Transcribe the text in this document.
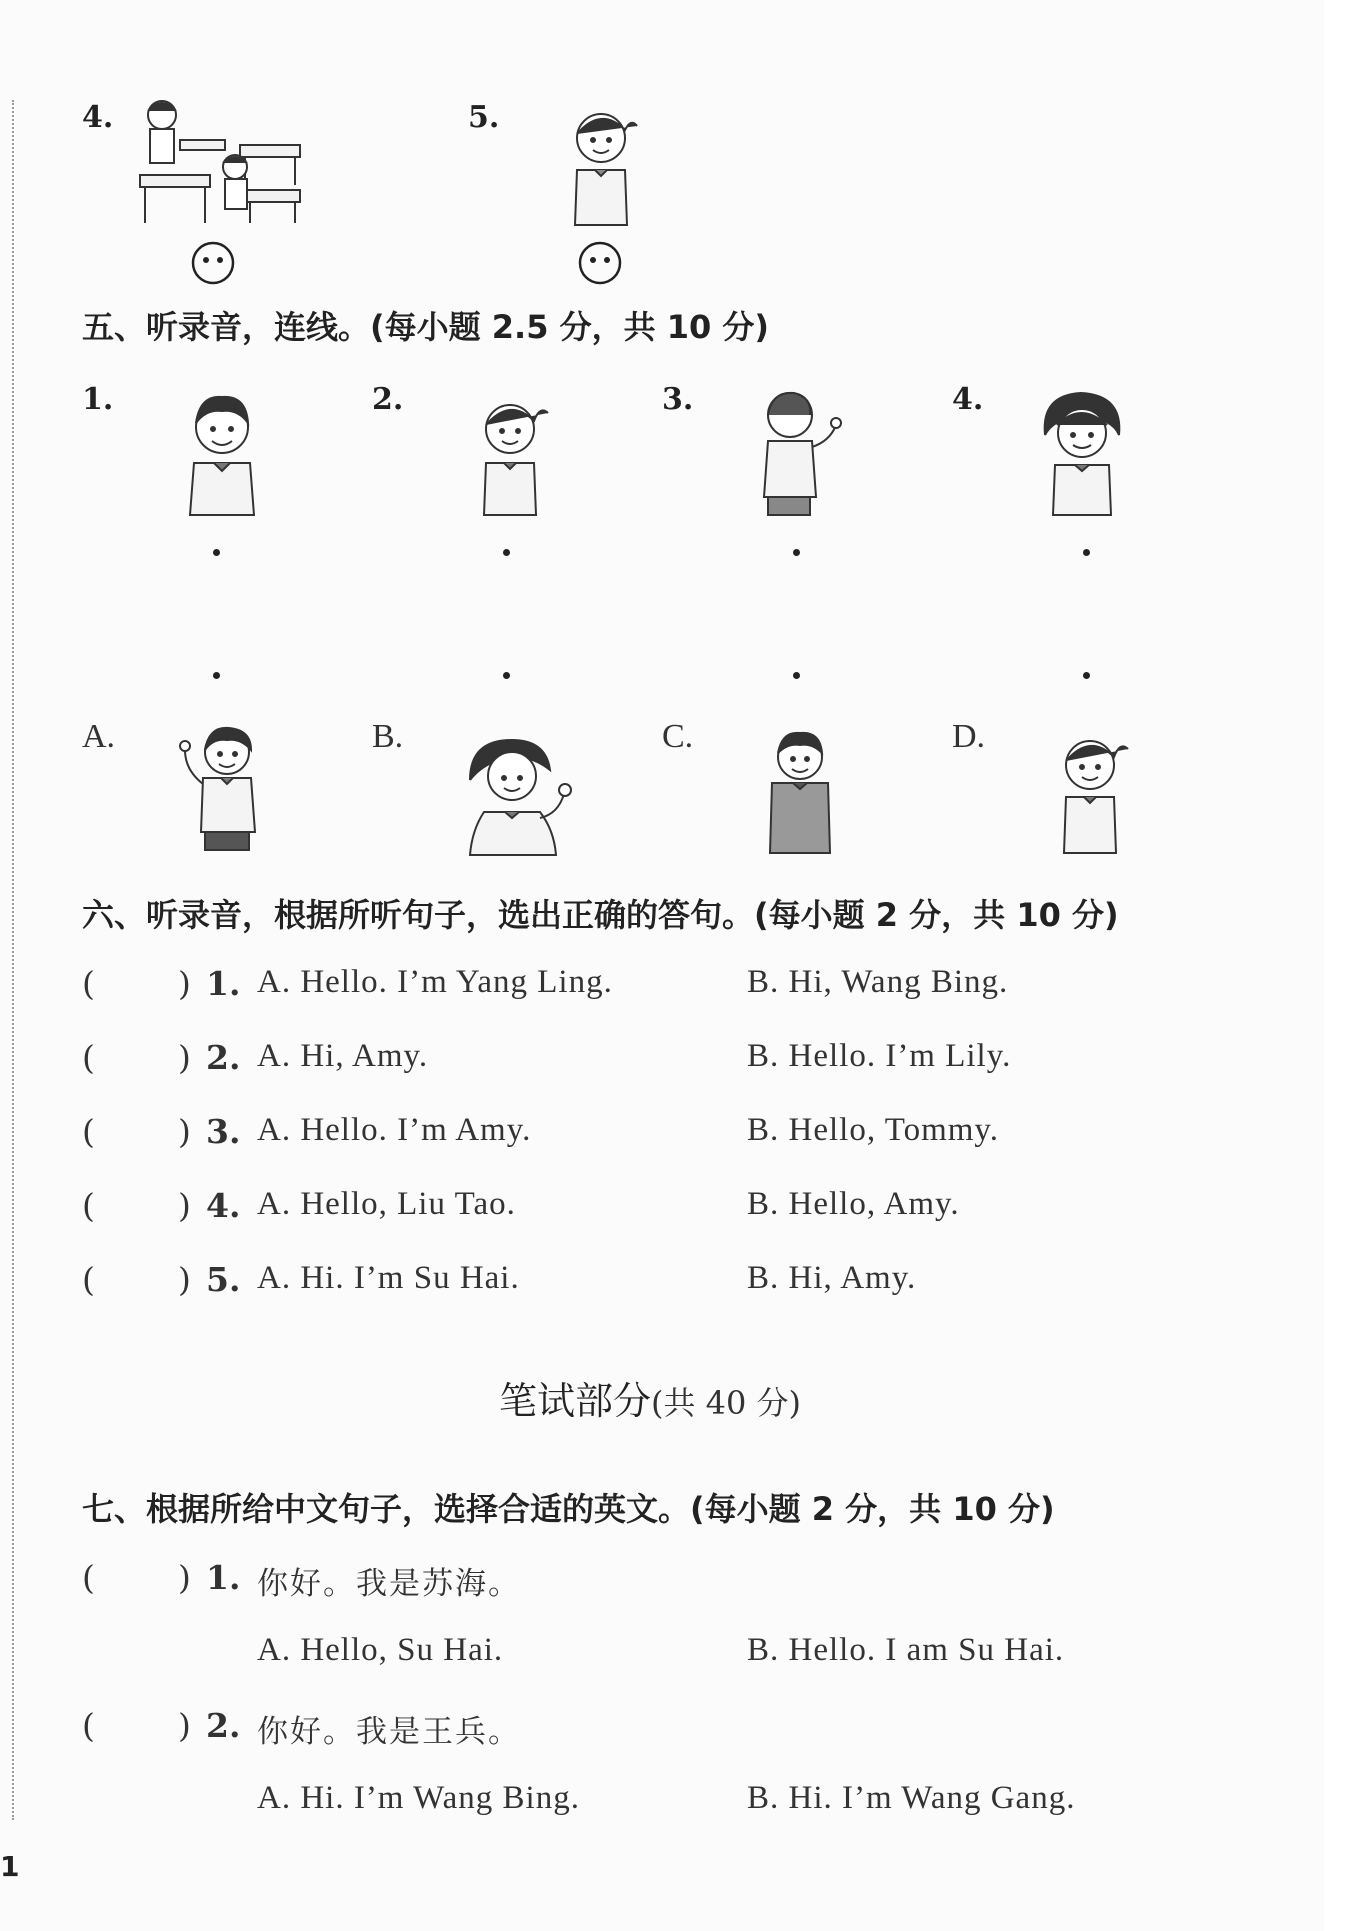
4.	5.
五、听录音，连线。(每小题 2.5 分，共 10 分)
1.	2.	3.	4.
A.	B.	C.	D.
六、听录音，根据所听句子，选出正确的答句。(每小题 2 分，共 10 分)
(	) 1. A. Hello. I’m Yang Ling.	B. Hi, Wang Bing.
(	) 2. A. Hi, Amy.	B. Hello. I’m Lily.
(	) 3. A. Hello. I’m Amy.	B. Hello, Tommy.
(	) 4. A. Hello, Liu Tao.	B. Hello, Amy.
(	) 5. A. Hi. I’m Su Hai.	B. Hi, Amy.
笔试部分(共 40 分)
七、根据所给中文句子，选择合适的英文。(每小题 2 分，共 10 分)
(	) 1. 你好。我是苏海。
A. Hello, Su Hai.	B. Hello. I am Su Hai.
(	) 2. 你好。我是王兵。
A. Hi. I’m Wang Bing.	B. Hi. I’m Wang Gang.
1
